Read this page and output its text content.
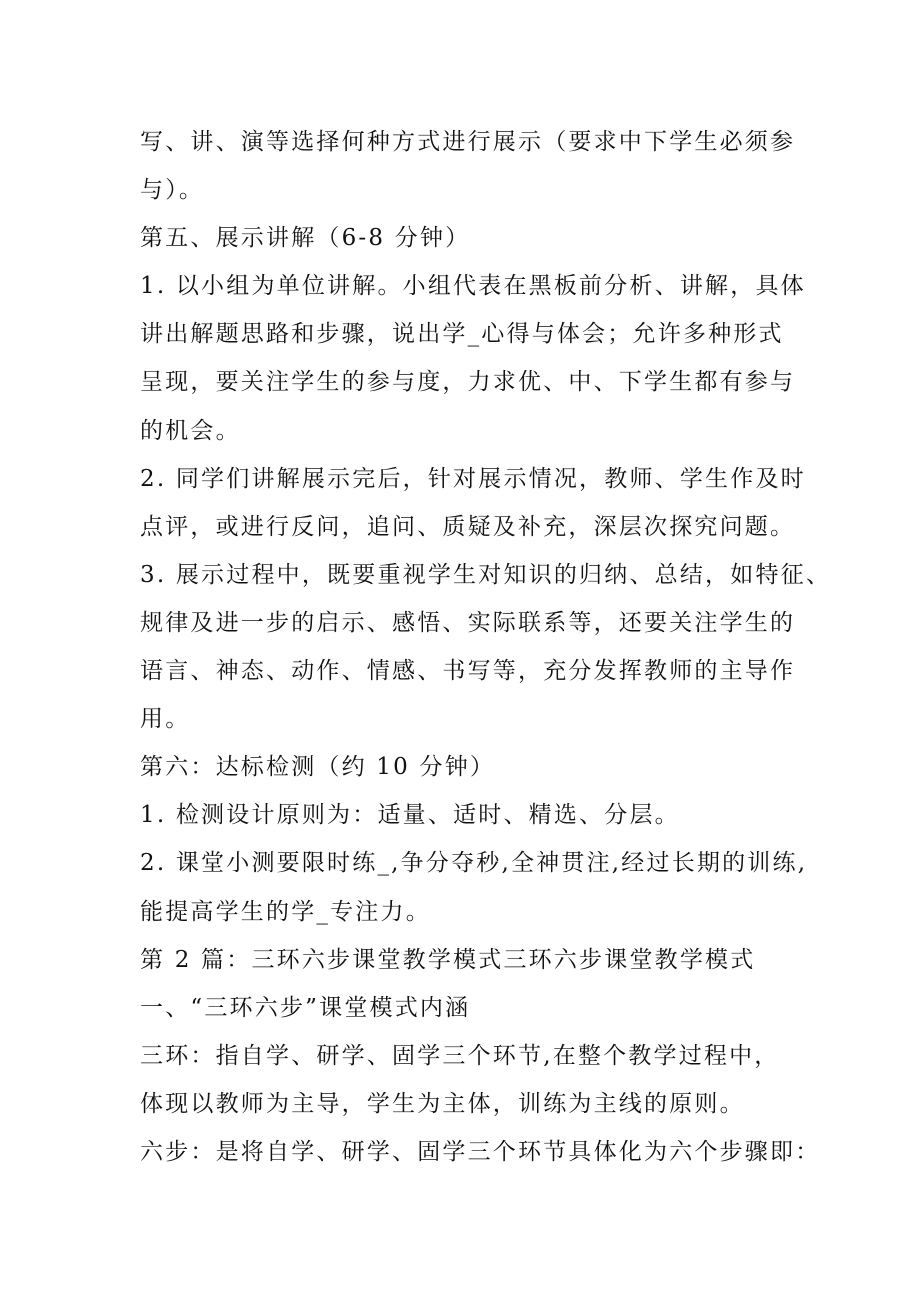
写、讲、演等选择何种方式进行展示（要求中下学生必须参
与）。
第五、展示讲解（6-8 分钟）
1. 以小组为单位讲解。小组代表在黑板前分析、讲解，具体
讲出解题思路和步骤，说出学_心得与体会；允许多种形式
呈现，要关注学生的参与度，力求优、中、下学生都有参与
的机会。
2. 同学们讲解展示完后，针对展示情况，教师、学生作及时
点评，或进行反问，追问、质疑及补充，深层次探究问题。
3. 展示过程中，既要重视学生对知识的归纳、总结，如特征、
规律及进一步的启示、感悟、实际联系等，还要关注学生的
语言、神态、动作、情感、书写等，充分发挥教师的主导作
用。
第六：达标检测（约 10 分钟）
1. 检测设计原则为：适量、适时、精选、分层。
2. 课堂小测要限时练_,争分夺秒,全神贯注,经过长期的训练,
能提高学生的学_专注力。
第 2 篇：三环六步课堂教学模式三环六步课堂教学模式
一、“三环六步”课堂模式内涵
三环：指自学、研学、固学三个环节,在整个教学过程中，
体现以教师为主导，学生为主体，训练为主线的原则。
六步：是将自学、研学、固学三个环节具体化为六个步骤即：
